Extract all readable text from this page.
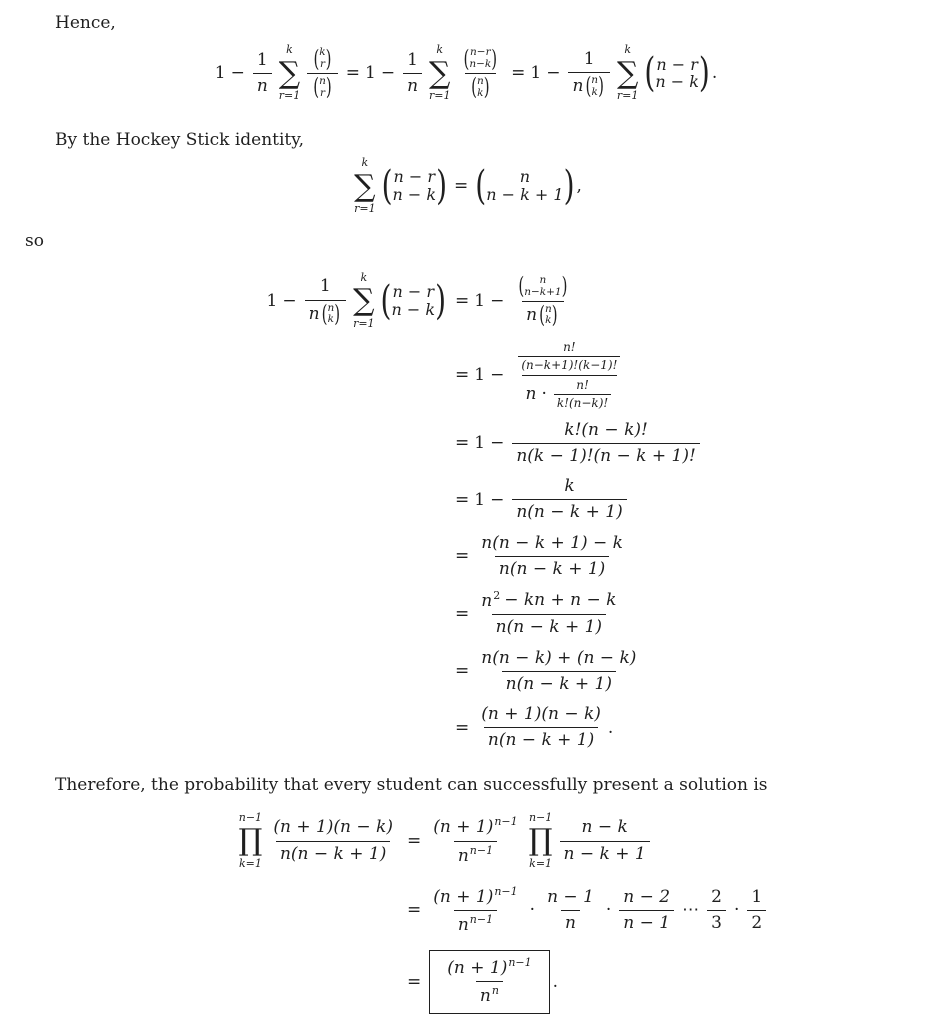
Hence,

$1 - \frac{1}{n}$
k
∑
r=1 ( k
r )
( n
r ) = $1 - \frac{1}{n}$
k
∑
r=1 ( n−r
n−k )
( n
k ) = 1 − 1
n ( n
k ) k
∑
r=1 ( n − r
n − k ) .

By the Hockey Stick identity,

k
∑
r=1 ( n − r
n − k ) = ( n
n − k + 1 ) ,

so

1 − 1
n ( n
k ) k
∑
r=1 ( n − r
n − k ) = 1 − ( n
n−k+1 )
n ( n
k )
= $1 - \frac{\frac{n!}{(n-k+1)!(k-1)!}}{n \cdot \frac{n!}{k!(n-k)!}}$
= $1 - \frac{k!(n - k)!}{n(k - 1)!(n - k + 1)!}$
= $1 - \frac{k}{n(n - k + 1)}$
= $\frac{n(n - k + 1) - k}{n(n - k + 1)}$
= $\frac{n^2 - kn + n - k}{n(n - k + 1)}$
= $\frac{n(n - k) + (n - k)}{n(n - k + 1)}$
= $\frac{(n + 1)(n - k)}{n(n - k + 1)}$ .

Therefore, the probability that every student can successfully present a solution is

n−1
∏
$k=1 \frac{(n + 1)(n - k)}{n(n - k + 1)} = \frac{(n + 1)^{n-1}}{n^{n-1}} n-1$
∏
$k=1 \frac{n - k}{n - k + 1}$
= $\frac{(n + 1)^{n-1}}{n^{n-1}} \cdot \frac{n - 1}{n} \cdot \frac{n - 2}{n - 1}$ ⋯ $\frac{2}{3} \cdot \frac{1}{2}$
= $\frac{(n + 1)^{n-1}}{n^n}$ .
